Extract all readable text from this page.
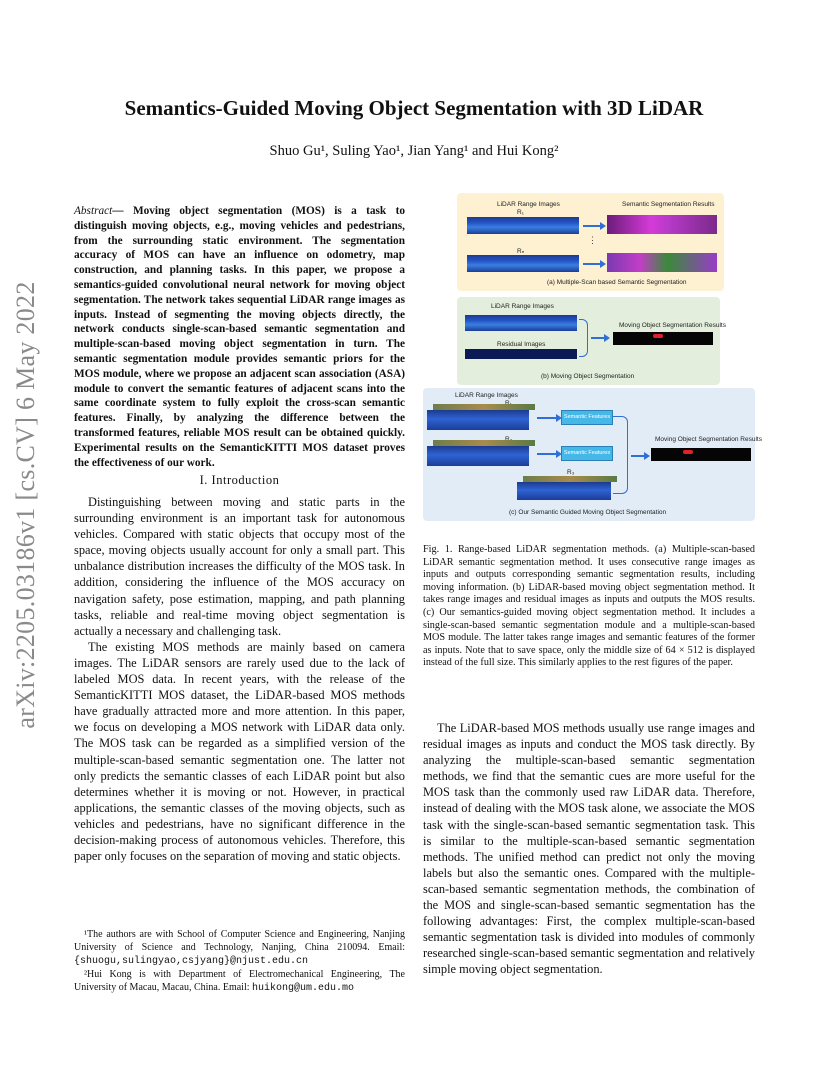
Semantics-Guided Moving Object Segmentation with 3D LiDAR
Shuo Gu¹, Suling Yao¹, Jian Yang¹ and Hui Kong²
arXiv:2205.03186v1 [cs.CV] 6 May 2022
Abstract— Moving object segmentation (MOS) is a task to distinguish moving objects, e.g., moving vehicles and pedestrians, from the surrounding static environment. The segmentation accuracy of MOS can have an influence on odometry, map construction, and planning tasks. In this paper, we propose a semantics-guided convolutional neural network for moving object segmentation. The network takes sequential LiDAR range images as inputs. Instead of segmenting the moving objects directly, the network conducts single-scan-based semantic segmentation and multiple-scan-based moving object segmentation in turn. The semantic segmentation module provides semantic priors for the MOS module, where we propose an adjacent scan association (ASA) module to convert the semantic features of adjacent scans into the same coordinate system to fully exploit the cross-scan semantic features. Finally, by analyzing the difference between the transformed features, reliable MOS result can be obtained quickly. Experimental results on the SemanticKITTI MOS dataset proves the effectiveness of our work.
I. Introduction

Distinguishing between moving and static parts in the surrounding environment is an important task for autonomous vehicles. Compared with static objects that occupy most of the space, moving objects usually account for only a small part. This unbalance distribution increases the difficulty of the MOS task. In addition, considering the influence of the MOS accuracy on navigation safety, pose estimation, mapping, and path planning tasks, reliable and real-time moving object segmentation is actually a necessary and challenging task.

The existing MOS methods are mainly based on camera images. The LiDAR sensors are rarely used due to the lack of labeled MOS data. In recent years, with the release of the SemanticKITTI MOS dataset, the LiDAR-based MOS methods have gradually attracted more and more attention. In this paper, we focus on developing a MOS network with LiDAR data only. The MOS task can be regarded as a simplified version of the multiple-scan-based semantic segmentation one. The latter not only predicts the semantic classes of each LiDAR point but also determines whether it is moving or not. However, in practical applications, the semantic classes of the moving objects, such as vehicles and pedestrians, have no significant difference in the decision-making process of autonomous vehicles. Therefore, this paper only focuses on the separation of moving and static objects.

¹The authors are with School of Computer Science and Engineering, Nanjing University of Science and Technology, Nanjing, China 210094. Email:{shuogu,sulingyao,csjyang}@njust.edu.cn

²Hui Kong is with Department of Electromechanical Engineering, The University of Macau, Macau, China. Email: huikong@um.edu.mo

LiDAR Range Images	Semantic Segmentation Results
R₁
⋮
Rₙ
(a) Multiple-Scan based Semantic Segmentation
LiDAR Range Images
Residual Images
Moving Object Segmentation Results
(b) Moving Object Segmentation
LiDAR Range Images
Semantic Features
Semantic Features
R₃
Moving Object Segmentation Results
(c) Our Semantic Guided Moving Object Segmentation
Fig. 1. Range-based LiDAR segmentation methods. (a) Multiple-scan-based LiDAR semantic segmentation method. It uses consecutive range images as inputs and outputs corresponding semantic segmentation results, including moving information. (b) LiDAR-based moving object segmentation method. It takes range images and residual images as inputs and outputs the MOS results. (c) Our semantics-guided moving object segmentation method. It includes a single-scan-based semantic segmentation module and a multiple-scan-based MOS module. The latter takes range images and semantic features of the former as inputs. Note that to save space, only the middle size of 64 × 512 is displayed instead of the full size. This similarly applies to the rest figures of the paper.

The LiDAR-based MOS methods usually use range images and residual images as inputs and conduct the MOS task directly. By analyzing the multiple-scan-based semantic segmentation methods, we find that the semantic cues are more useful for the MOS task than the commonly used raw LiDAR data. Therefore, instead of dealing with the MOS task alone, we associate the MOS task with the single-scan-based semantic segmentation task. This is similar to the multiple-scan-based semantic segmentation methods. The unified method can predict not only the moving labels but also the semantic ones. Compared with the multiple-scan-based semantic segmentation methods, the combination of the MOS and single-scan-based semantic segmentation has the following advantages: First, the complex multiple-scan-based semantic segmentation task is divided into modules of commonly researched single-scan-based semantic segmentation and relatively simple moving object segmentation.
